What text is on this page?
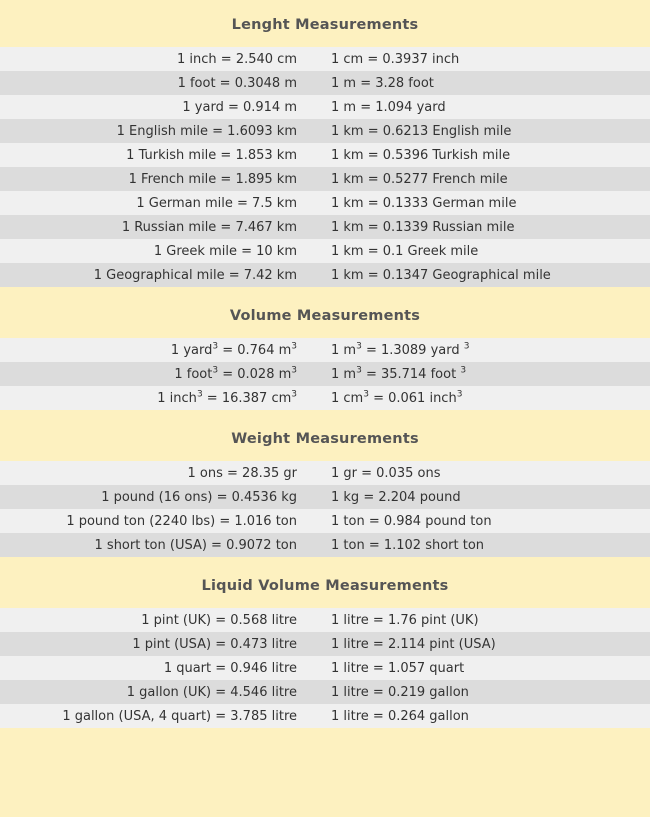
Lenght Measurements
1 inch = 2.540 cm	1 cm = 0.3937 inch
1 foot = 0.3048 m	1 m = 3.28 foot
1 yard = 0.914 m	1 m = 1.094 yard
1 English mile = 1.6093 km	1 km = 0.6213 English mile
1 Turkish mile = 1.853 km	1 km = 0.5396 Turkish mile
1 French mile = 1.895 km	1 km = 0.5277 French mile
1 German mile = 7.5 km	1 km = 0.1333 German mile
1 Russian mile = 7.467 km	1 km = 0.1339 Russian mile
1 Greek mile = 10 km	1 km = 0.1 Greek mile
1 Geographical mile = 7.42 km	1 km = 0.1347 Geographical mile
Volume Measurements
1 yard$^3$ = 0.764 $m^3$	1 $m^3 = 1.3089$ yard $^3$
1 foot$^3$ = 0.028 $m^3$	1 $m^3 = 35.714$ foot $^3$
1 inch$^3$ = 16.387 $cm^3$	1 $cm^3 = 0.061$ inch$^3$
Weight Measurements
1 ons = 28.35 gr	1 gr = 0.035 ons
1 pound (16 ons) = 0.4536 kg	1 kg = 2.204 pound
1 pound ton (2240 lbs) = 1.016 ton	1 ton = 0.984 pound ton
1 short ton (USA) = 0.9072 ton	1 ton = 1.102 short ton
Liquid Volume Measurements
1 pint (UK) = 0.568 litre	1 litre = 1.76 pint (UK)
1 pint (USA) = 0.473 litre	1 litre = 2.114 pint (USA)
1 quart = 0.946 litre	1 litre = 1.057 quart
1 gallon (UK) = 4.546 litre	1 litre = 0.219 gallon
1 gallon (USA, 4 quart) = 3.785 litre	1 litre = 0.264 gallon
